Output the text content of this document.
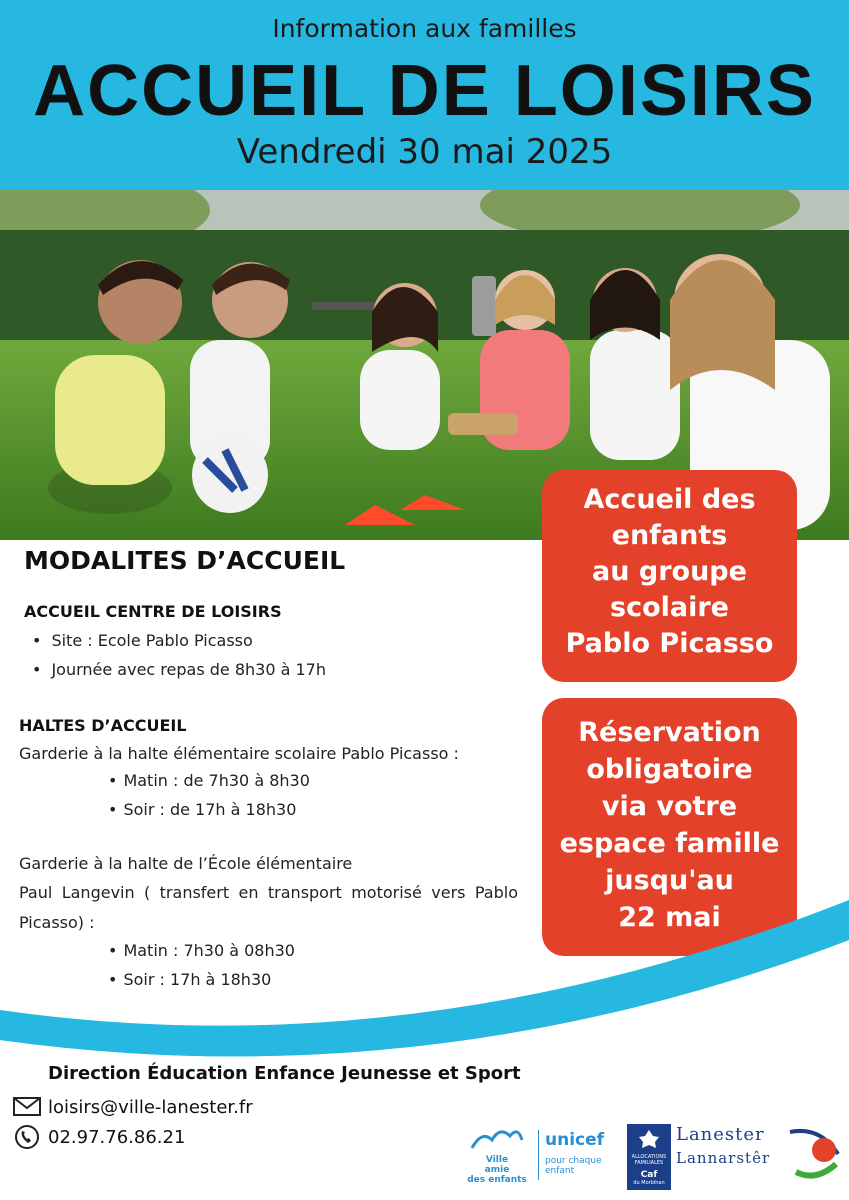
Information aux familles
ACCUEIL DE LOISIRS
Vendredi 30 mai 2025
Accueil des
enfants
au groupe
scolaire
Pablo Picasso
Réservation
obligatoire
via votre
espace famille
jusqu'au
22 mai
MODALITES D’ACCUEIL
ACCUEIL CENTRE DE LOISIRS
• Site : Ecole Pablo Picasso
• Journée avec repas de 8h30 à 17h
HALTES D’ACCUEIL
Garderie à la halte élémentaire scolaire Pablo Picasso :
• Matin : de 7h30 à 8h30
• Soir : de 17h à 18h30
Garderie à la halte de l’École élémentaire
Paul Langevin ( transfert en transport motorisé vers Pablo Picasso) :
• Matin : 7h30 à 08h30
• Soir : 17h à 18h30
Direction Éducation Enfance Jeunesse et Sport
loisirs@ville-lanester.fr
02.97.76.86.21
Ville
amie
des enfants
unicef
pour chaque enfant
ALLOCATIONS
FAMILIALES
Caf
du Morbihan
Lanester
Lannarstêr
